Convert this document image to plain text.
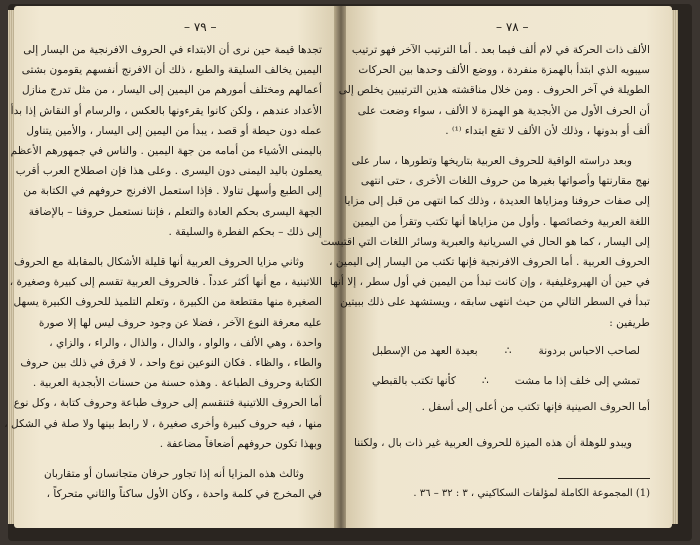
– ٧٩ –
تجدها قيمة حين نرى أن الابتداء في الحروف الافرنجية من اليسار إلى
اليمين يخالف السليقة والطبع ، ذلك أن الافرنج أنفسهم يقومون بشتى
أعمالهم ومختلف أمورهم من اليمين إلى اليسار ، من مثل تدرج منازل
الأعداد عندهم ، ولكن كانوا يقرءونها بالعكس ، والرسام أو النقاش إذا بدأ
عمله دون حيطة أو قصد ، يبدأ من اليمين إلى اليسار ، والأمين يتناول
باليمنى الأشياء من أمامه من جهة اليمين . والناس في جمهورهم الأعظم
يعملون باليد اليمنى دون اليسرى . وعلى هذا فإن اصطلاح العرب أقرب
إلى الطبع وأسهل تناولا . فإذا استعمل الافرنج حروفهم في الكتابة من
الجهة اليسرى بحكم العادة والتعلم ، فإننا نستعمل حروفنا – بالإضافة
إلى ذلك – بحكم الفطرة والسليقة .
وثاني مزايا الحروف العربية أنها قليلة الأشكال بالمقابلة مع الحروف
اللاتينية ، مع أنها أكثر عدداً . فالحروف العربية تقسم إلى كبيرة وصغيرة ،
الصغيرة منها مقتطعة من الكبيرة ، وتعلم التلميذ للحروف الكبيرة يسهل
عليه معرفة النوع الآخر ، فضلا عن وجود حروف ليس لها إلا صورة
واحدة ، وهي الألف ، والواو ، والدال ، والذال ، والراء ، والزاي ،
والطاء ، والظاء . فكان النوعين نوع واحد ، لا فرق في ذلك بين حروف
الكتابة وحروف الطباعة . وهذه حسنة من حسنات الأبجدية العربية .
أما الحروف اللاتينية فتنقسم إلى حروف طباعة وحروف كتابة ، وكل نوع
منها ، فيه حروف كبيرة وأخرى صغيرة ، لا رابط بينها ولا صلة في الشكل ،
وبهذا تكون حروفهم أضعافاً مضاعفة .
وثالث هذه المزايا أنه إذا تجاور حرفان متجانسان أو متقاربان
في المخرج في كلمة واحدة ، وكان الأول ساكناً والثاني متحركاً ،
– ٧٨ –
الألف ذات الحركة في لام ألف فيما بعد . أما الترتيب الآخر فهو ترتيب
سيبويه الذي ابتدأ بالهمزة منفردة ، ووضع الألف وحدها بين الحركات
الطويلة في آخر الحروف . ومن خلال مناقشته هذين الترتيبين يخلص إلى
أن الحرف الأول من الأبجدية هو الهمزة لا الألف ، سواء وضعت على
ألف أو بدونها ، وذلك لأن الألف لا تقع ابتداء ⁽¹⁾ .
وبعد دراسته الواقية للحروف العربية بتاريخها وتطورها ، سار على
نهج مقارنتها وأصواتها بغيرها من حروف اللغات الأخرى ، حتى انتهى
إلى صفات حروفنا ومزاياها العديدة ، وذلك كما انتهى من قبل إلى مزايا
اللغة العربية وخصائصها . وأول من مزاياها أنها تكتب وتقرأ من اليمين
إلى اليسار ، كما هو الحال في السريانية والعبرية وسائر اللغات التي اقتبست
الحروف العربية . أما الحروف الافرنجية فإنها تكتب من اليسار إلى اليمين ،
في حين أن الهيروغليفية ، وإن كانت تبدأ من اليمين في أول سطر ، إلا أنها
تبدأ في السطر التالي من حيث انتهى سابقه ، ويستشهد على ذلك ببيتين
طريفين :
لصاحب الاحباس بردونة
∴
بعيدة العهد من الإسطبل
تمشي إلى خلف إذا ما مشت
∴
كأنها تكتب بالقبطي
أما الحروف الصينية فإنها تكتب من أعلى إلى أسفل .
ويبدو للوهلة أن هذه الميزة للحروف العربية غير ذات بال ، ولكننا
(1) المجموعة الكاملة لمؤلفات السكاكيني ، ٣ : ٣٢ – ٣٦ .
